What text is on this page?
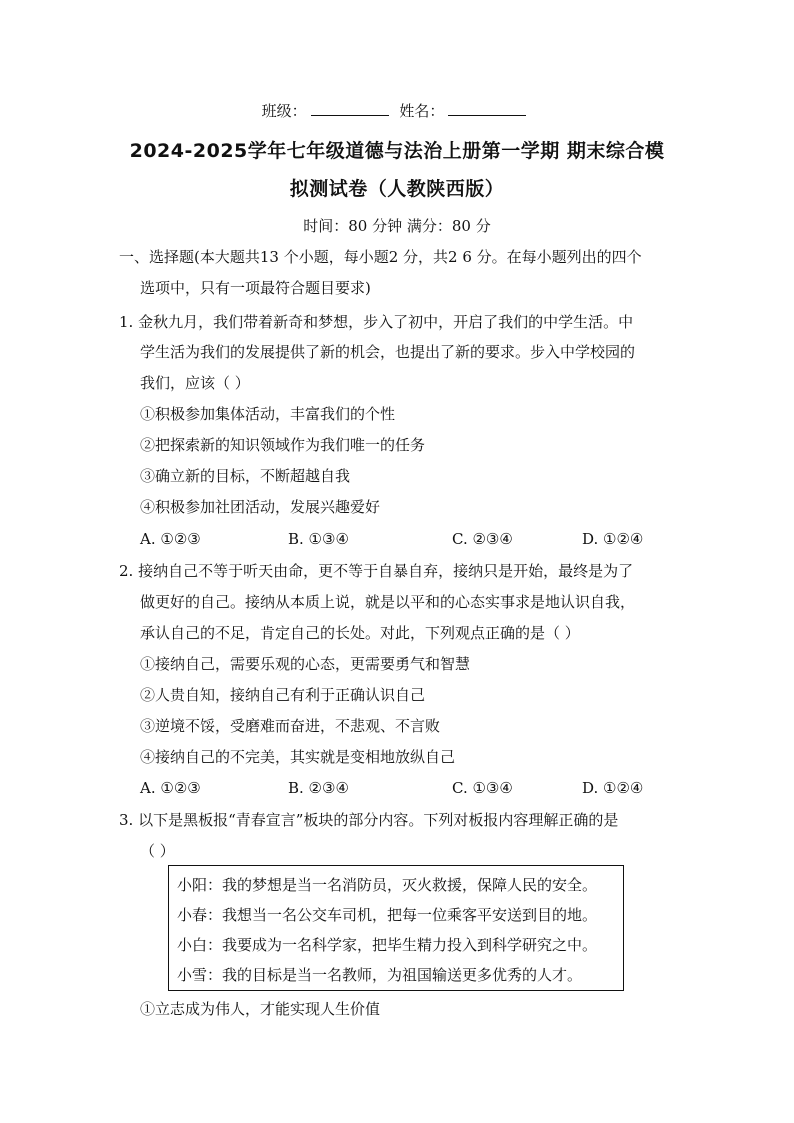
班级：	姓名：
2024-2025学年七年级道德与法治上册第一学期 期末综合模
拟测试卷（人教陕西版）
时间：80 分钟 满分：80 分
一、选择题(本大题共13 个小题，每小题2 分，共2 6 分。在每小题列出的四个
选项中，只有一项最符合题目要求)
1. 金秋九月，我们带着新奇和梦想，步入了初中，开启了我们的中学生活。中
学生活为我们的发展提供了新的机会，也提出了新的要求。步入中学校园的
我们，应该（ ）
①积极参加集体活动，丰富我们的个性
②把探索新的知识领域作为我们唯一的任务
③确立新的目标，不断超越自我
④积极参加社团活动，发展兴趣爱好
A. ①②③	B. ①③④	C. ②③④	D. ①②④
2. 接纳自己不等于听天由命，更不等于自暴自弃，接纳只是开始，最终是为了
做更好的自己。接纳从本质上说，就是以平和的心态实事求是地认识自我，
承认自己的不足，肯定自己的长处。对此，下列观点正确的是（ ）
①接纳自己，需要乐观的心态，更需要勇气和智慧
②人贵自知，接纳自己有利于正确认识自己
③逆境不馁，受磨难而奋进，不悲观、不言败
④接纳自己的不完美，其实就是变相地放纵自己
A. ①②③	B. ②③④	C. ①③④	D. ①②④
3. 以下是黑板报“青春宣言”板块的部分内容。下列对板报内容理解正确的是
（ ）
小阳：我的梦想是当一名消防员，灭火救援，保障人民的安全。
小春：我想当一名公交车司机，把每一位乘客平安送到目的地。
小白：我要成为一名科学家，把毕生精力投入到科学研究之中。
小雪：我的目标是当一名教师，为祖国输送更多优秀的人才。
①立志成为伟人，才能实现人生价值
